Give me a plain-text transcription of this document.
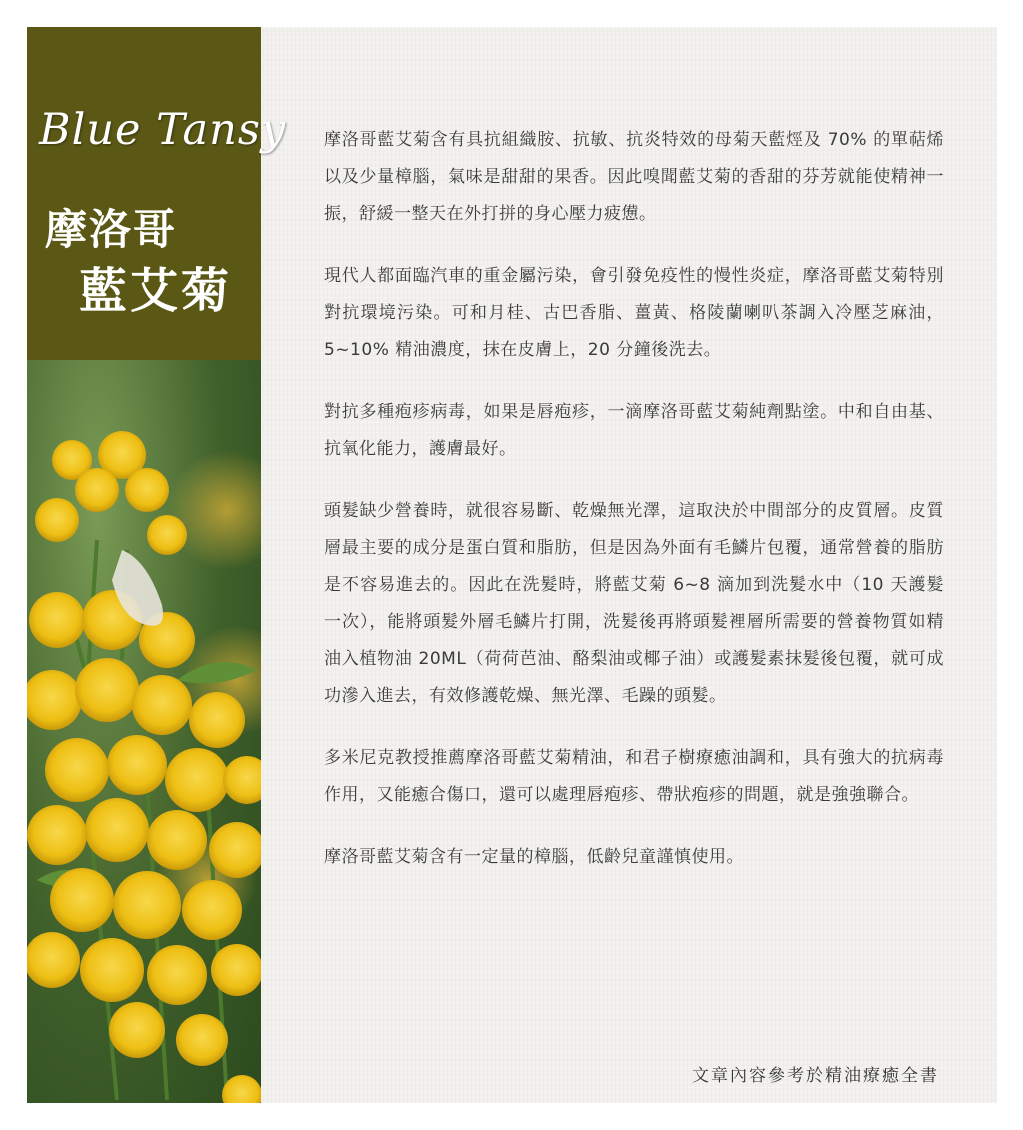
摩洛哥
藍艾菊
Blue Tansy 摩洛哥藍艾菊含有具抗組織胺、抗敏、抗炎特效的母菊天藍烴及 70% 的單萜烯以及少量樟腦，氣味是甜甜的果香。因此嗅聞藍艾菊的香甜的芬芳就能使精神一振，舒緩一整天在外打拼的身心壓力疲憊。

現代人都面臨汽車的重金屬污染，會引發免疫性的慢性炎症，摩洛哥藍艾菊特別對抗環境污染。可和月桂、古巴香脂、薑黃、格陵蘭喇叭茶調入冷壓芝麻油，5~10% 精油濃度，抹在皮膚上，20 分鐘後洗去。

對抗多種疱疹病毒，如果是唇疱疹，一滴摩洛哥藍艾菊純劑點塗。中和自由基、抗氧化能力，護膚最好。

頭髮缺少營養時，就很容易斷、乾燥無光澤，這取決於中間部分的皮質層。皮質層最主要的成分是蛋白質和脂肪，但是因為外面有毛鱗片包覆，通常營養的脂肪是不容易進去的。因此在洗髮時，將藍艾菊 6~8 滴加到洗髮水中（10 天護髮一次），能將頭髮外層毛鱗片打開，洗髮後再將頭髮裡層所需要的營養物質如精油入植物油 20ML（荷荷芭油、酪梨油或椰子油）或護髮素抹髮後包覆，就可成功滲入進去，有效修護乾燥、無光澤、毛躁的頭髮。

多米尼克教授推薦摩洛哥藍艾菊精油，和君子樹療癒油調和，具有強大的抗病毒作用，又能癒合傷口，還可以處理唇疱疹、帶狀疱疹的問題，就是強強聯合。

摩洛哥藍艾菊含有一定量的樟腦，低齡兒童謹慎使用。

文章內容參考於精油療癒全書
